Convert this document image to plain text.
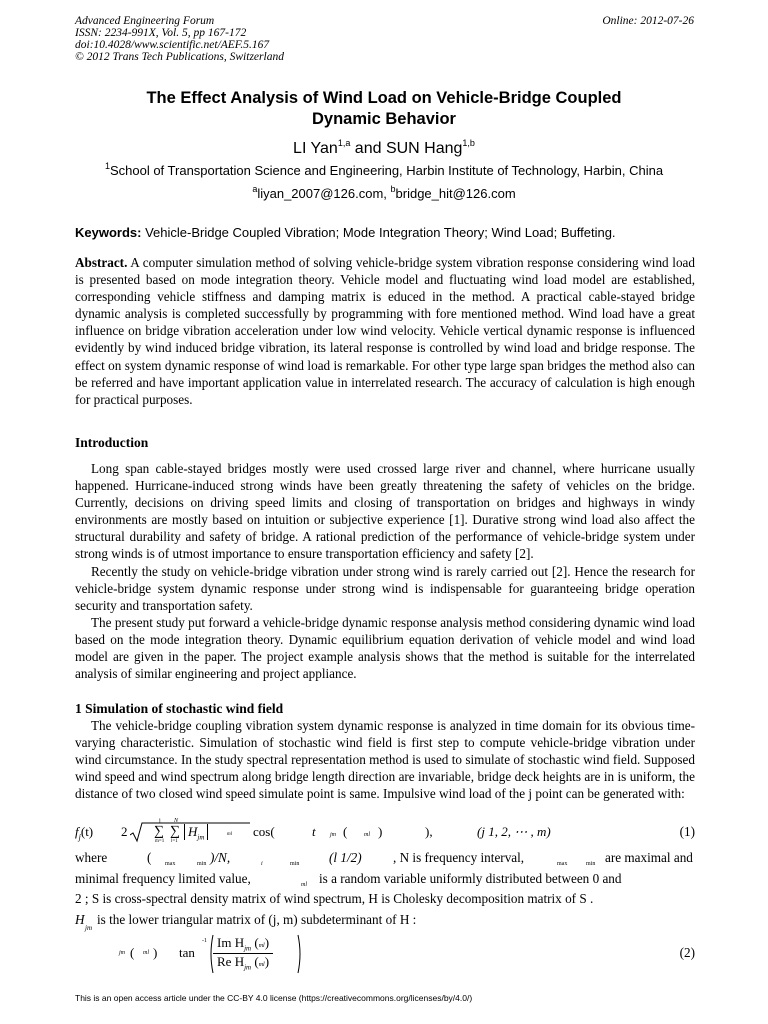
Advanced Engineering Forum
ISSN: 2234-991X, Vol. 5, pp 167-172
doi:10.4028/www.scientific.net/AEF.5.167
© 2012 Trans Tech Publications, Switzerland
Online: 2012-07-26
The Effect Analysis of Wind Load on Vehicle-Bridge Coupled
Dynamic Behavior
LI Yan$^{1,a}$ and SUN Hang$^{1,b}$
$^1$School of Transportation Science and Engineering, Harbin Institute of Technology, Harbin, China
$^a$liyan_2007@126.com, $^b$bridge_hit@126.com
Keywords: Vehicle-Bridge Coupled Vibration; Mode Integration Theory; Wind Load; Buffeting.
Abstract. A computer simulation method of solving vehicle-bridge system vibration response considering wind load is presented based on mode integration theory. Vehicle model and fluctuating wind load model are established, corresponding vehicle stiffness and damping matrix is educed in the method. A practical cable-stayed bridge dynamic analysis is completed successfully by programming with fore mentioned method. Wind load have a great influence on bridge vibration acceleration under low wind velocity. Vehicle vertical dynamic response is influenced evidently by wind induced bridge vibration, its lateral response is controlled by wind load and bridge response. The effect on system dynamic response of wind load is remarkable. For other type large span bridges the method also can be referred and have important application value in interrelated research. The accuracy of calculation is high enough for practical purposes.
Introduction

Long span cable-stayed bridges mostly were used crossed large river and channel, where hurricane usually happened. Hurricane-induced strong winds have been greatly threatening the safety of vehicles on the bridge. Currently, decisions on driving speed limits and closing of transportation on bridges and highways in windy environments are mostly based on intuition or subjective experience [1]. Durative strong wind load also affect the structural durability and safety of bridge. A rational prediction of the performance of vehicle-bridge system under strong winds is of utmost importance to ensure transportation efficiency and safety [2].

Recently the study on vehicle-bridge vibration under strong wind is rarely carried out [2]. Hence the research for vehicle-bridge system dynamic response under strong wind is indispensable for guaranteeing bridge operation security and transportation safety.

The present study put forward a vehicle-bridge dynamic response analysis method considering dynamic wind load based on the mode integration theory. Dynamic equilibrium equation derivation of vehicle model and wind load model are given in the paper. The project example analysis shows that the method is suitable for the interrelated analysis of similar engineering and project appliance.

1 Simulation of stochastic wind field

The vehicle-bridge coupling vibration system dynamic response is analyzed in time domain for its obvious time-varying characteristic. Simulation of stochastic wind field is first step to compute vehicle-bridge vibration under wind circumstance. In the study spectral representation method is used to simulate of stochastic wind field. Supposed wind speed and wind spectrum along bridge length direction are invariable, bridge deck heights are in is uniform, the distance of two closed wind speed simulate point is same. Impulsive wind load of the j point can be generated with:

$f_j(t)$ 2
j
∑
m=1
N
∑
l=1
$H_{jm}$	ml cos(	t jm (	ml )	),	(j 1, 2, ⋯ , m)	(1)
where	( max	min )/N,	i	min (l 1/2) , N is frequency interval,	max	min are maximal and
minimal frequency limited value,	ml is a random variable uniformly distributed between 0 and
2 ; S is cross-spectral density matrix of wind spectrum, H is Cholesky decomposition matrix of S .
H
jm
is the lower triangular matrix of (j, m) subdeterminant of H :
jm ( ml ) tan
-1 Im $H_{jm}$ (ml)
Re $H_{jm}$ (ml)
(2)
This is an open access article under the CC-BY 4.0 license (https://creativecommons.org/licenses/by/4.0/)
